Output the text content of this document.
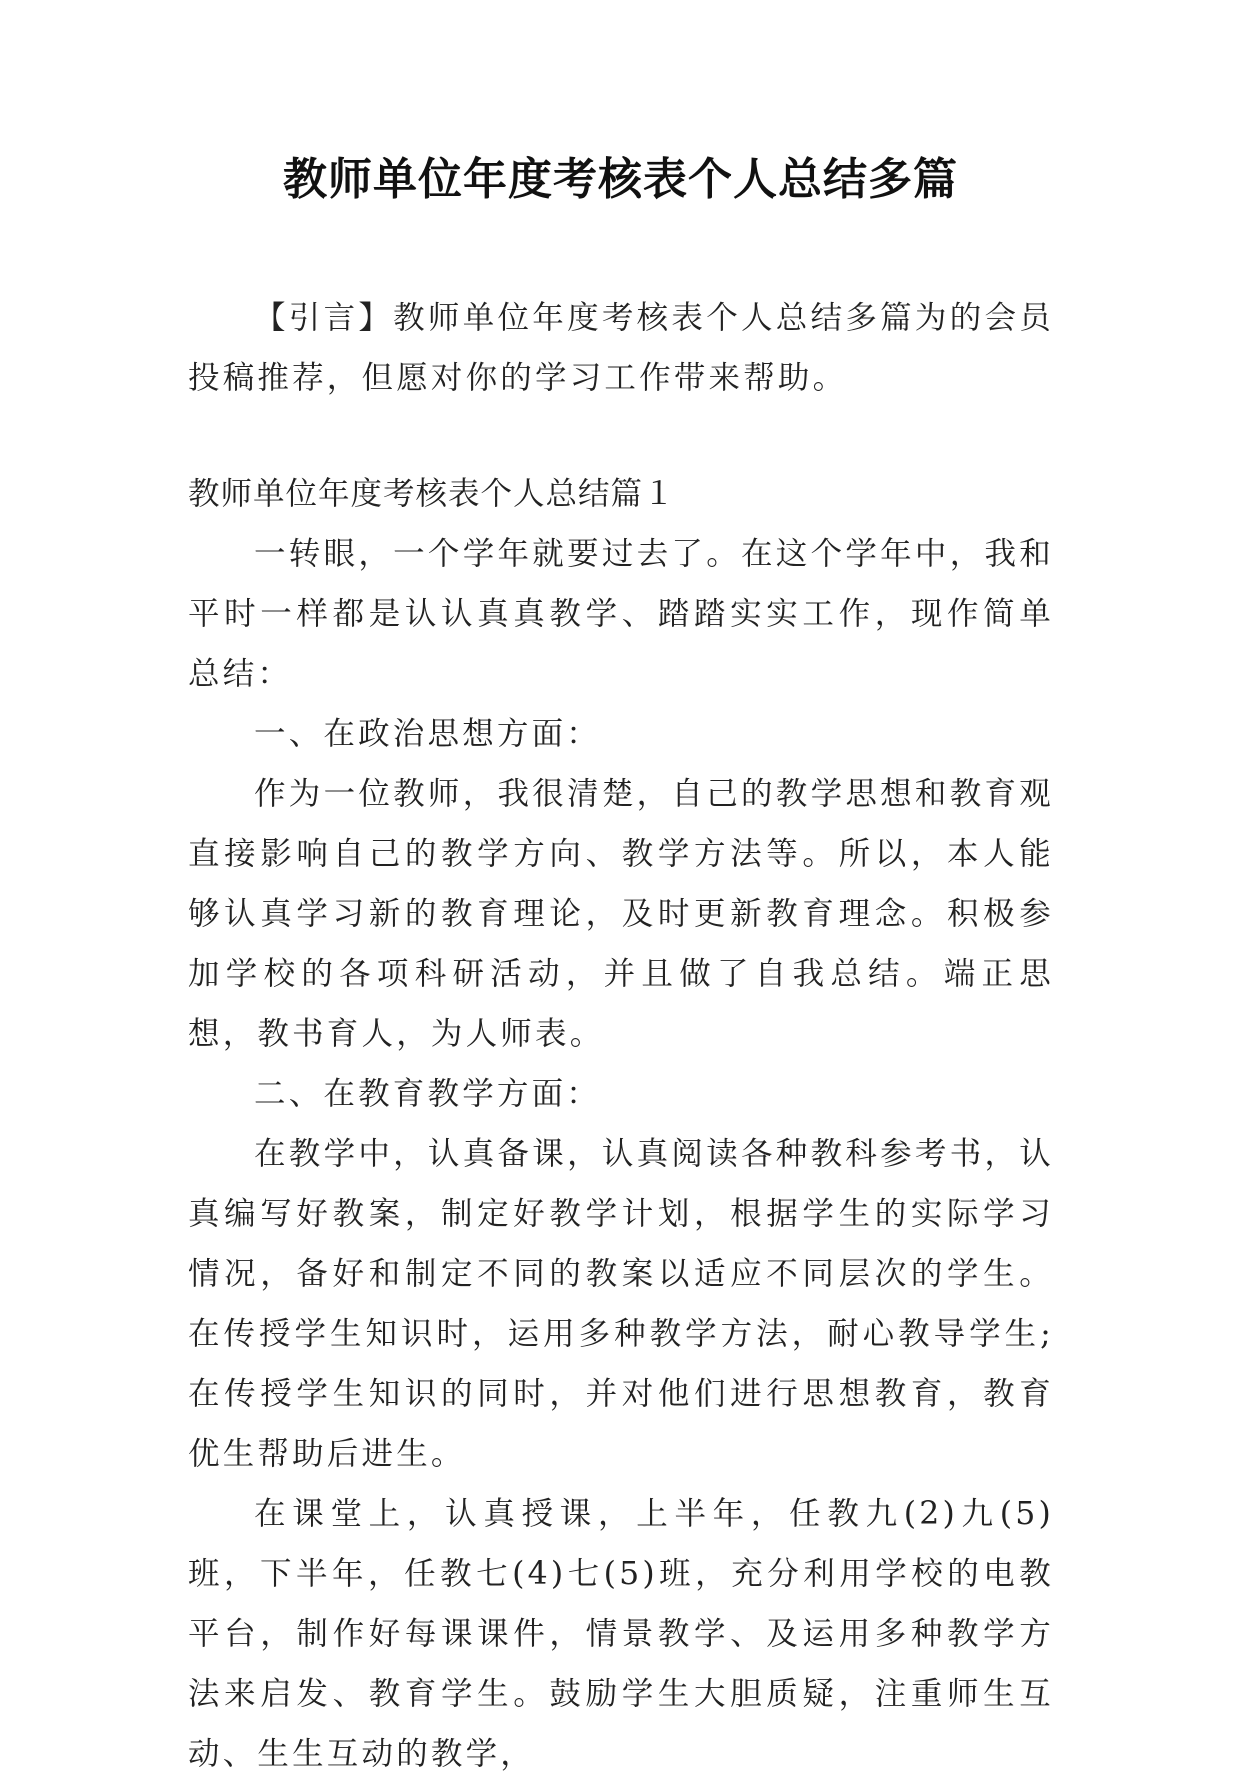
教师单位年度考核表个人总结多篇

【引言】教师单位年度考核表个人总结多篇为的会员投稿推荐，但愿对你的学习工作带来帮助。

教师单位年度考核表个人总结篇１

一转眼，一个学年就要过去了。在这个学年中，我和平时一样都是认认真真教学、踏踏实实工作，现作简单总结：

一、在政治思想方面：

作为一位教师，我很清楚，自己的教学思想和教育观直接影响自己的教学方向、教学方法等。所以，本人能够认真学习新的教育理论，及时更新教育理念。积极参加学校的各项科研活动，并且做了自我总结。端正思想，教书育人，为人师表。

二、在教育教学方面：

在教学中，认真备课，认真阅读各种教科参考书，认真编写好教案，制定好教学计划，根据学生的实际学习情况，备好和制定不同的教案以适应不同层次的学生。在传授学生知识时，运用多种教学方法，耐心教导学生;在传授学生知识的同时，并对他们进行思想教育，教育优生帮助后进生。

在课堂上，认真授课，上半年，任教九(2)九(5)班，下半年，任教七(4)七(5)班，充分利用学校的电教平台，制作好每课课件，情景教学、及运用多种教学方法来启发、教育学生。鼓励学生大胆质疑，注重师生互动、生生互动的教学，
